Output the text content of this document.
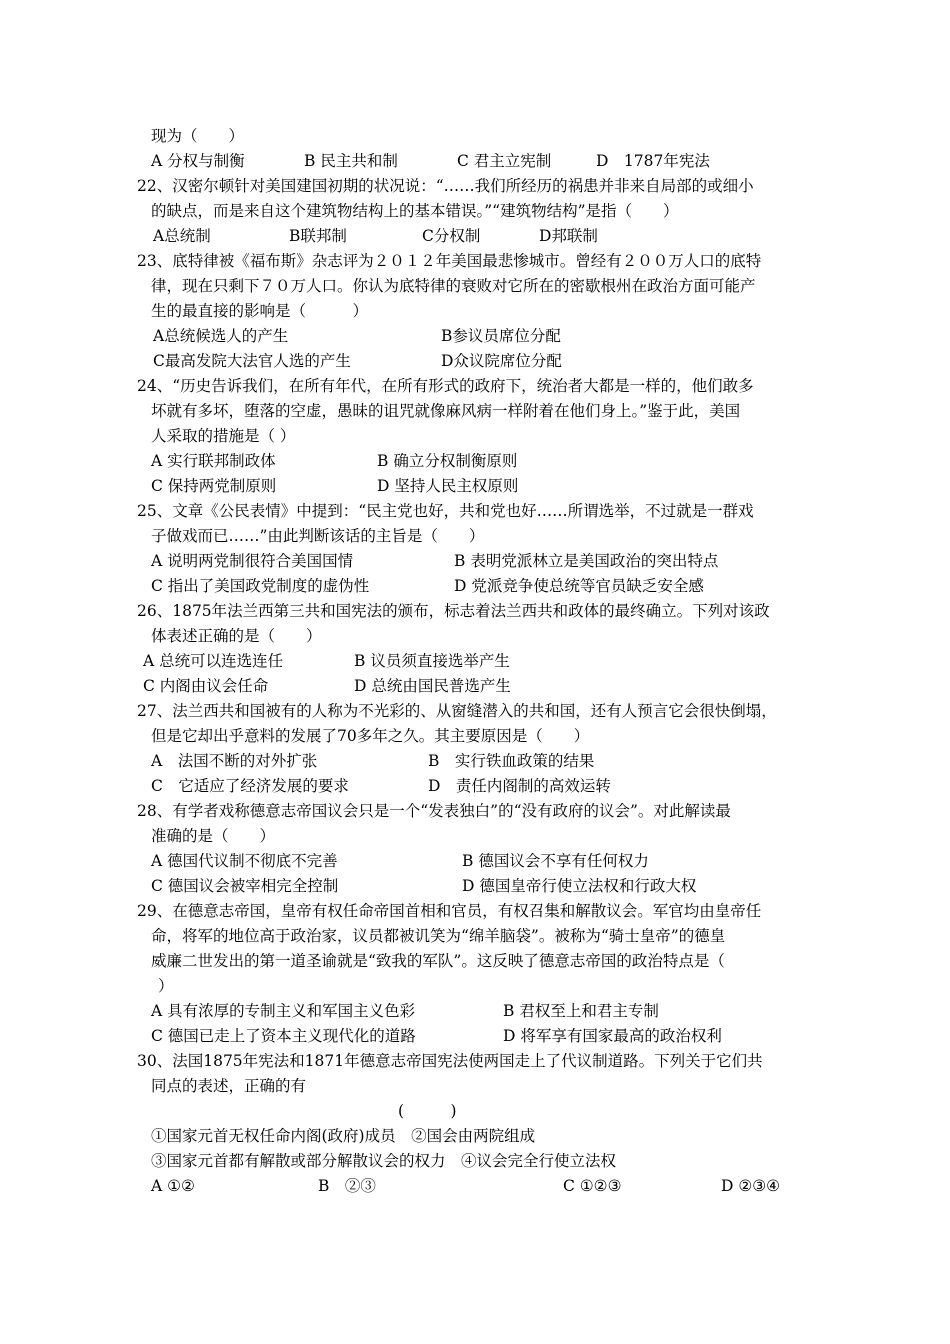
现为（　　）
A 分权与制衡	B 民主共和制	C 君主立宪制	D　1787年宪法
22、汉密尔顿针对美国建国初期的状况说：“……我们所经历的祸患并非来自局部的或细小
的缺点，而是来自这个建筑物结构上的基本错误。”“建筑物结构”是指（　　）
A总统制	B联邦制	C分权制	D邦联制
23、底特律被《福布斯》杂志评为２０１２年美国最悲惨城市。曾经有２００万人口的底特
律，现在只剩下７０万人口。你认为底特律的衰败对它所在的密歇根州在政治方面可能产
生的最直接的影响是（　　　）
A总统候选人的产生	B参议员席位分配
C最高发院大法官人选的产生	D众议院席位分配
24、“历史告诉我们，在所有年代，在所有形式的政府下，统治者大都是一样的，他们敢多
坏就有多坏，堕落的空虚，愚昧的诅咒就像麻风病一样附着在他们身上。”鉴于此，美国
人采取的措施是（ ）
A 实行联邦制政体	B 确立分权制衡原则
C 保持两党制原则	D 坚持人民主权原则
25、文章《公民表情》中提到：“民主党也好，共和党也好……所谓选举，不过就是一群戏
子做戏而已……”由此判断该话的主旨是（　　）
A 说明两党制很符合美国国情	B 表明党派林立是美国政治的突出特点
C 指出了美国政党制度的虚伪性	D 党派竞争使总统等官员缺乏安全感
26、1875年法兰西第三共和国宪法的颁布，标志着法兰西共和政体的最终确立。下列对该政
体表述正确的是（　　）
A 总统可以连选连任	B 议员须直接选举产生
C 内阁由议会任命	D 总统由国民普选产生
27、法兰西共和国被有的人称为不光彩的、从窗缝潜入的共和国，还有人预言它会很快倒塌，
但是它却出乎意料的发展了70多年之久。其主要原因是（　　）
A　法国不断的对外扩张	B　实行铁血政策的结果
C　它适应了经济发展的要求	D　责任内阁制的高效运转
28、有学者戏称德意志帝国议会只是一个“发表独白”的“没有政府的议会”。对此解读最
准确的是（　　）
A 德国代议制不彻底不完善	B 德国议会不享有任何权力
C 德国议会被宰相完全控制	D 德国皇帝行使立法权和行政大权
29、在德意志帝国，皇帝有权任命帝国首相和官员，有权召集和解散议会。军官均由皇帝任
命，将军的地位高于政治家，议员都被讥笑为“绵羊脑袋”。被称为“骑士皇帝”的德皇
威廉二世发出的第一道圣谕就是“致我的军队”。这反映了德意志帝国的政治特点是（
）
A 具有浓厚的专制主义和军国主义色彩	B 君权至上和君主专制
C 德国已走上了资本主义现代化的道路	D 将军享有国家最高的政治权利
30、法国1875年宪法和1871年德意志帝国宪法使两国走上了代议制道路。下列关于它们共
同点的表述，正确的有
(　　　)
①国家元首无权任命内阁(政府)成员　②国会由两院组成
③国家元首都有解散或部分解散议会的权力　④议会完全行使立法权
A ①②	B　②③	C ①②③	D ②③④
